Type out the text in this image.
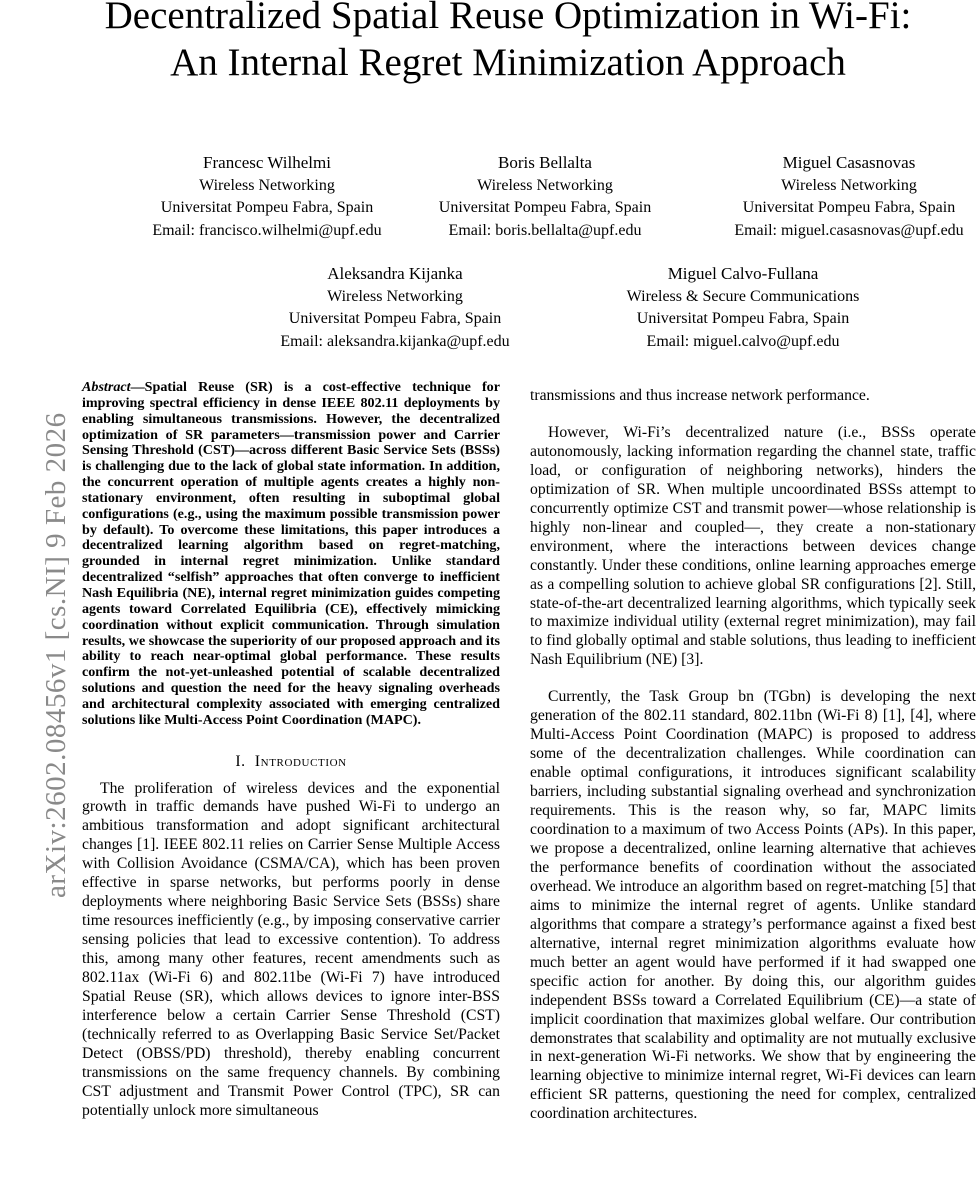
Decentralized Spatial Reuse Optimization in Wi-Fi:
An Internal Regret Minimization Approach
Francesc Wilhelmi
Wireless Networking
Universitat Pompeu Fabra, Spain
Email: francisco.wilhelmi@upf.edu
Boris Bellalta
Wireless Networking
Universitat Pompeu Fabra, Spain
Email: boris.bellalta@upf.edu
Miguel Casasnovas
Wireless Networking
Universitat Pompeu Fabra, Spain
Email: miguel.casasnovas@upf.edu
Aleksandra Kijanka
Wireless Networking
Universitat Pompeu Fabra, Spain
Email: aleksandra.kijanka@upf.edu
Miguel Calvo-Fullana
Wireless & Secure Communications
Universitat Pompeu Fabra, Spain
Email: miguel.calvo@upf.edu
arXiv:2602.08456v1 [cs.NI] 9 Feb 2026

Abstract—Spatial Reuse (SR) is a cost-effective technique for improving spectral efficiency in dense IEEE 802.11 deployments by enabling simultaneous transmissions. However, the decentralized optimization of SR parameters—transmission power and Carrier Sensing Threshold (CST)—across different Basic Service Sets (BSSs) is challenging due to the lack of global state information. In addition, the concurrent operation of multiple agents creates a highly non-stationary environment, often resulting in suboptimal global configurations (e.g., using the maximum possible transmission power by default). To overcome these limitations, this paper introduces a decentralized learning algorithm based on regret-matching, grounded in internal regret minimization. Unlike standard decentralized “selfish” approaches that often converge to inefficient Nash Equilibria (NE), internal regret minimization guides competing agents toward Correlated Equilibria (CE), effectively mimicking coordination without explicit communication. Through simulation results, we showcase the superiority of our proposed approach and its ability to reach near-optimal global performance. These results confirm the not-yet-unleashed potential of scalable decentralized solutions and question the need for the heavy signaling overheads and architectural complexity associated with emerging centralized solutions like Multi-Access Point Coordination (MAPC).

I. Introduction

The proliferation of wireless devices and the exponential growth in traffic demands have pushed Wi-Fi to undergo an ambitious transformation and adopt significant architectural changes [1]. IEEE 802.11 relies on Carrier Sense Multiple Access with Collision Avoidance (CSMA/CA), which has been proven effective in sparse networks, but performs poorly in dense deployments where neighboring Basic Service Sets (BSSs) share time resources inefficiently (e.g., by imposing conservative carrier sensing policies that lead to excessive contention). To address this, among many other features, recent amendments such as 802.11ax (Wi-Fi 6) and 802.11be (Wi-Fi 7) have introduced Spatial Reuse (SR), which allows devices to ignore inter-BSS interference below a certain Carrier Sense Threshold (CST) (technically referred to as Overlapping Basic Service Set/Packet Detect (OBSS/PD) threshold), thereby enabling concurrent transmissions on the same frequency channels. By combining CST adjustment and Transmit Power Control (TPC), SR can potentially unlock more simultaneous

transmissions and thus increase network performance.

However, Wi-Fi’s decentralized nature (i.e., BSSs operate autonomously, lacking information regarding the channel state, traffic load, or configuration of neighboring networks), hinders the optimization of SR. When multiple uncoordinated BSSs attempt to concurrently optimize CST and transmit power—whose relationship is highly non-linear and coupled—, they create a non-stationary environment, where the interactions between devices change constantly. Under these conditions, online learning approaches emerge as a compelling solution to achieve global SR configurations [2]. Still, state-of-the-art decentralized learning algorithms, which typically seek to maximize individual utility (external regret minimization), may fail to find globally optimal and stable solutions, thus leading to inefficient Nash Equilibrium (NE) [3].

Currently, the Task Group bn (TGbn) is developing the next generation of the 802.11 standard, 802.11bn (Wi-Fi 8) [1], [4], where Multi-Access Point Coordination (MAPC) is proposed to address some of the decentralization challenges. While coordination can enable optimal configurations, it introduces significant scalability barriers, including substantial signaling overhead and synchronization requirements. This is the reason why, so far, MAPC limits coordination to a maximum of two Access Points (APs). In this paper, we propose a decentralized, online learning alternative that achieves the performance benefits of coordination without the associated overhead. We introduce an algorithm based on regret-matching [5] that aims to minimize the internal regret of agents. Unlike standard algorithms that compare a strategy’s performance against a fixed best alternative, internal regret minimization algorithms evaluate how much better an agent would have performed if it had swapped one specific action for another. By doing this, our algorithm guides independent BSSs toward a Correlated Equilibrium (CE)—a state of implicit coordination that maximizes global welfare. Our contribution demonstrates that scalability and optimality are not mutually exclusive in next-generation Wi-Fi networks. We show that by engineering the learning objective to minimize internal regret, Wi-Fi devices can learn efficient SR patterns, questioning the need for complex, centralized coordination architectures.
